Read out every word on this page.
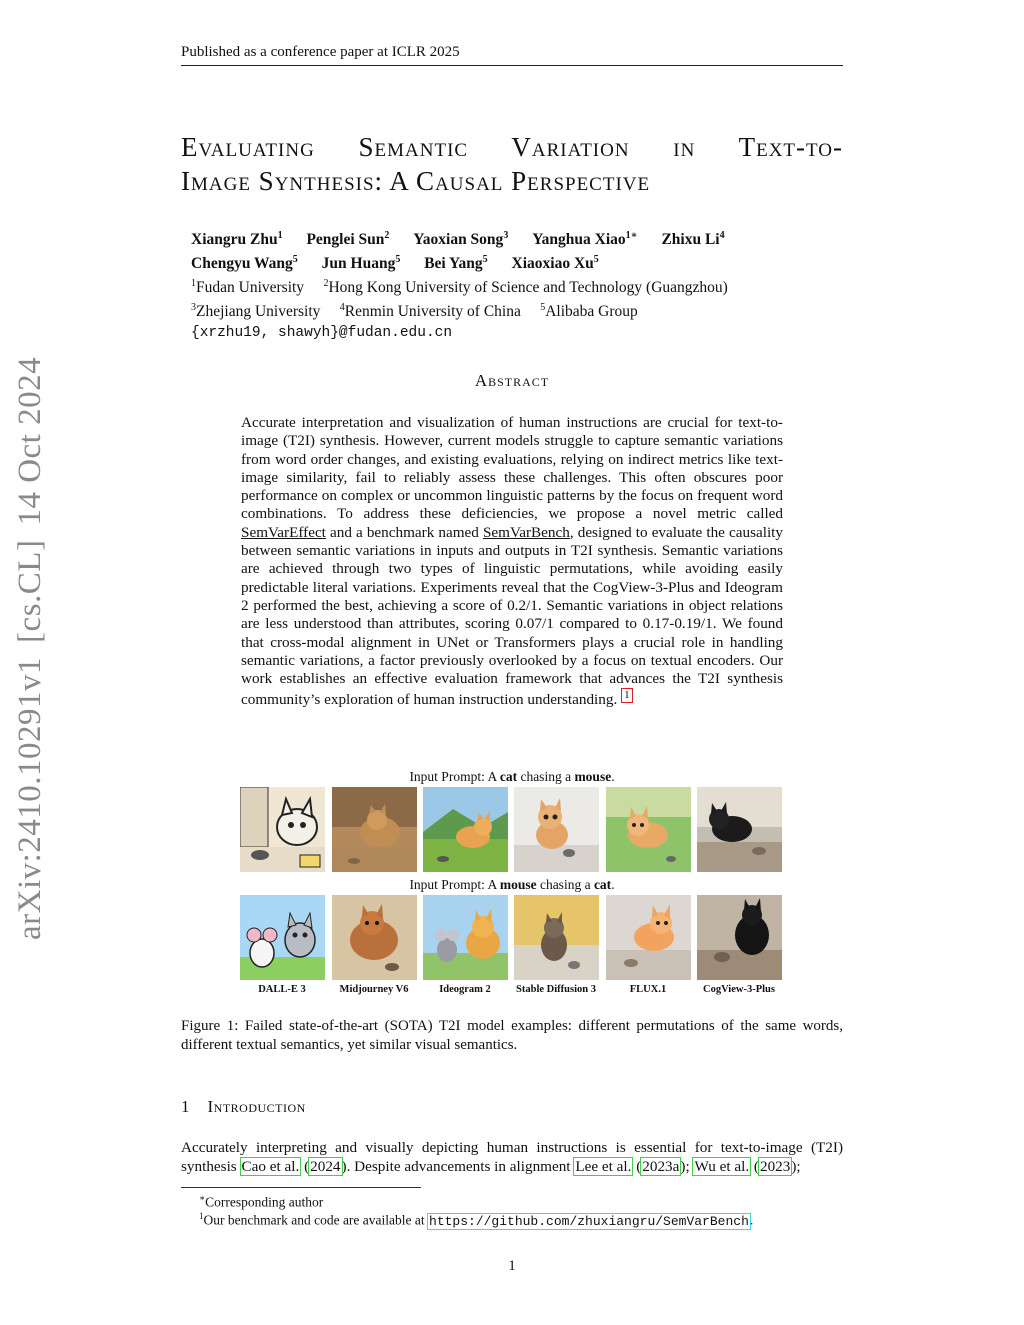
Published as a conference paper at ICLR 2025
arXiv:2410.10291v1[cs.CL]14 Oct 2024
Evaluating Semantic Variation in Text-to-
Image Synthesis: A Causal Perspective
Xiangru Zhu$^1$ Penglei Sun$^2$ Yaoxian Song$^3$ Yanghua Xiao$^{1∗}$ Zhixu Li$^4$
Chengyu Wang$^5$ Jun Huang$^5$ Bei Yang$^5$ Xiaoxiao Xu$^5$
$^1$Fudan University $^2$Hong Kong University of Science and Technology (Guangzhou)
$^3$Zhejiang University $^4$Renmin University of China $^5$Alibaba Group
{xrzhu19, shawyh}@fudan.edu.cn
Abstract
Accurate interpretation and visualization of human instructions are crucial for text-to-image (T2I) synthesis. However, current models struggle to capture semantic variations from word order changes, and existing evaluations, relying on indirect metrics like text-image similarity, fail to reliably assess these challenges. This often obscures poor performance on complex or uncommon linguistic patterns by the focus on frequent word combinations. To address these deficiencies, we propose a novel metric called SemVarEffect and a benchmark named SemVarBench, designed to evaluate the causality between semantic variations in inputs and outputs in T2I synthesis. Semantic variations are achieved through two types of linguistic permutations, while avoiding easily predictable literal variations. Experiments reveal that the CogView-3-Plus and Ideogram 2 performed the best, achieving a score of 0.2/1. Semantic variations in object relations are less understood than attributes, scoring 0.07/1 compared to 0.17-0.19/1. We found that cross-modal alignment in UNet or Transformers plays a crucial role in handling semantic variations, a factor previously overlooked by a focus on textual encoders. Our work establishes an effective evaluation framework that advances the T2I synthesis community’s exploration of human instruction understanding. 1
Input Prompt: A cat chasing a mouse.
Input Prompt: A mouse chasing a cat.
DALL-E 3	Midjourney V6	Ideogram 2	Stable Diffusion 3	FLUX.1	CogView-3-Plus
Figure 1: Failed state-of-the-art (SOTA) T2I model examples: different permutations of the same words, different textual semantics, yet similar visual semantics.
1 Introduction
Accurately interpreting and visually depicting human instructions is essential for text-to-image (T2I) synthesis Cao et al. (2024). Despite advancements in alignment Lee et al. (2023a); Wu et al. (2023);
∗Corresponding author
$^1$Our benchmark and code are available at https://github.com/zhuxiangru/SemVarBench.
1
